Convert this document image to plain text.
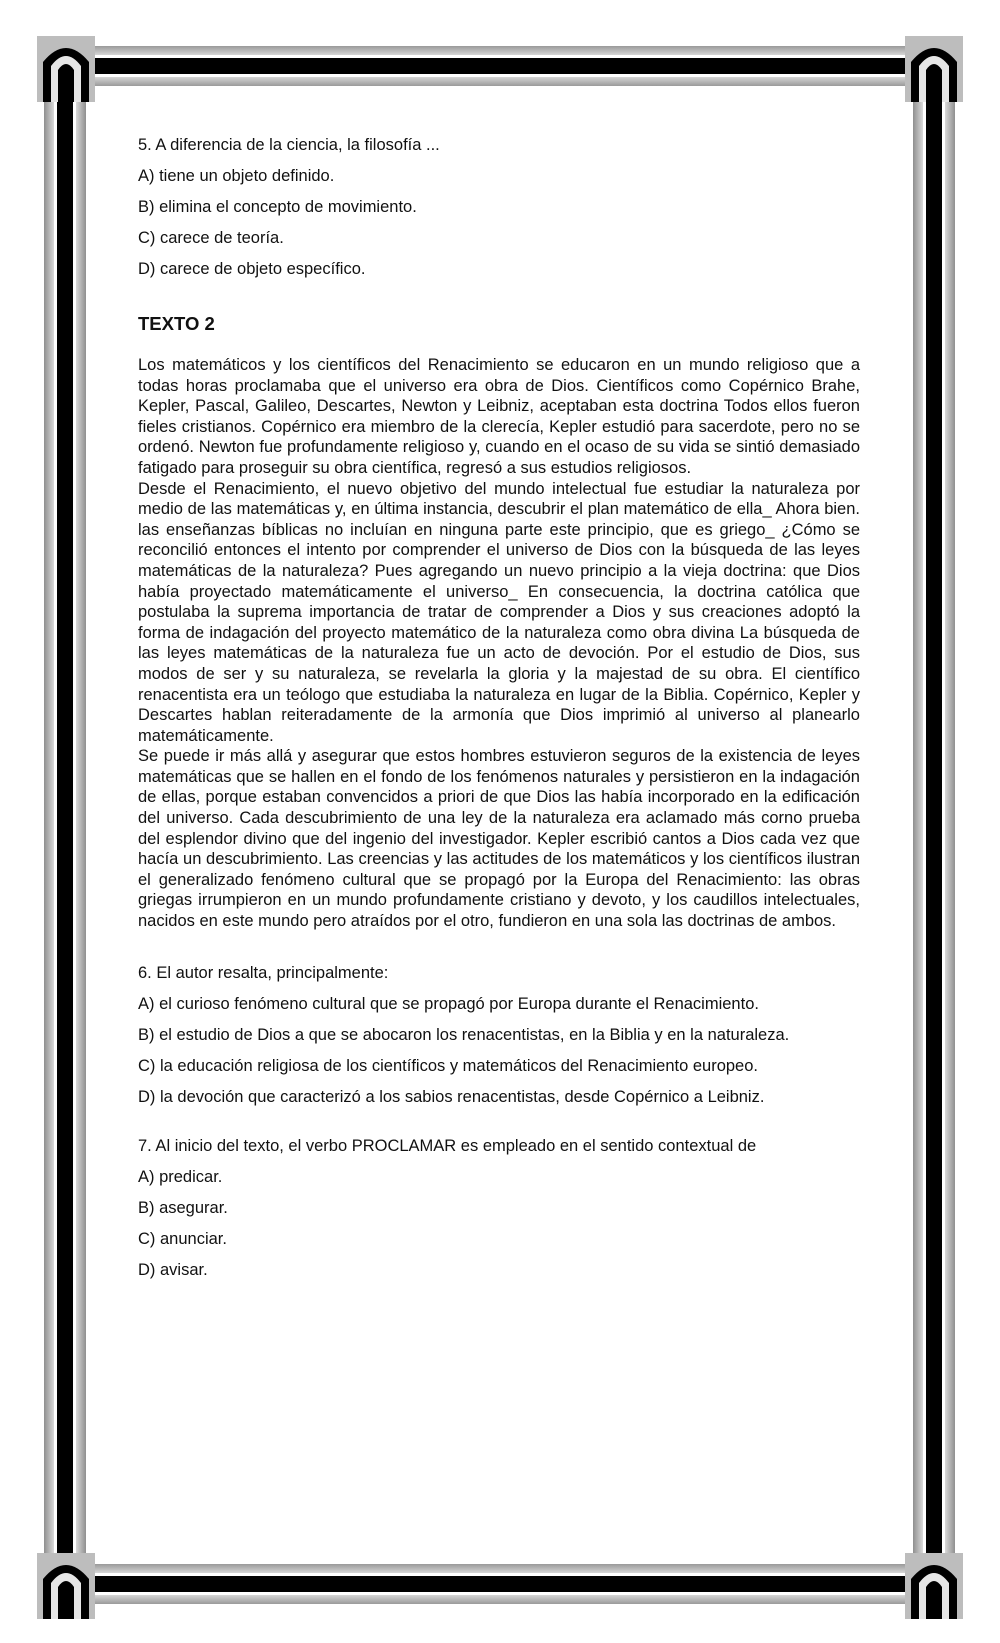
5. A diferencia de la ciencia, la filosofía ...
A) tiene un objeto definido.
B) elimina el concepto de movimiento.
C) carece de teoría.
D) carece de objeto específico.
TEXTO 2

Los matemáticos y los científicos del Renacimiento se educaron en un mundo religioso que a todas horas proclamaba que el universo era obra de Dios. Científicos como Copérnico Brahe, Kepler, Pascal, Galileo, Descartes, Newton y Leibniz, aceptaban esta doctrina Todos ellos fueron fieles cristianos. Copérnico era miembro de la clerecía, Kepler estudió para sacerdote, pero no se ordenó. Newton fue profundamente religioso y, cuando en el ocaso de su vida se sintió demasiado fatigado para proseguir su obra científica, regresó a sus estudios religiosos.

Desde el Renacimiento, el nuevo objetivo del mundo intelectual fue estudiar la naturaleza por medio de las matemáticas y, en última instancia, descubrir el plan matemático de ella_ Ahora bien. las enseñanzas bíblicas no incluían en ninguna parte este principio, que es griego_ ¿Cómo se reconcilió entonces el intento por comprender el universo de Dios con la búsqueda de las leyes matemáticas de la naturaleza? Pues agregando un nuevo principio a la vieja doctrina: que Dios había proyectado matemáticamente el universo_ En consecuencia, la doctrina católica que postulaba la suprema importancia de tratar de comprender a Dios y sus creaciones adoptó la forma de indagación del proyecto matemático de la naturaleza como obra divina La búsqueda de las leyes matemáticas de la naturaleza fue un acto de devoción. Por el estudio de Dios, sus modos de ser y su naturaleza, se revelarla la gloria y la majestad de su obra. El científico renacentista era un teólogo que estudiaba la naturaleza en lugar de la Biblia. Copérnico, Kepler y Descartes hablan reiteradamente de la armonía que Dios imprimió al universo al planearlo matemáticamente.

Se puede ir más allá y asegurar que estos hombres estuvieron seguros de la existencia de leyes matemáticas que se hallen en el fondo de los fenómenos naturales y persistieron en la indagación de ellas, porque estaban convencidos a priori de que Dios las había incorporado en la edificación del universo. Cada descubrimiento de una ley de la naturaleza era aclamado más corno prueba del esplendor divino que del ingenio del investigador. Kepler escribió cantos a Dios cada vez que hacía un descubrimiento. Las creencias y las actitudes de los matemáticos y los científicos ilustran el generalizado fenómeno cultural que se propagó por la Europa del Renacimiento: las obras griegas irrumpieron en un mundo profundamente cristiano y devoto, y los caudillos intelectuales, nacidos en este mundo pero atraídos por el otro, fundieron en una sola las doctrinas de ambos.

6. El autor resalta, principalmente:
A) el curioso fenómeno cultural que se propagó por Europa durante el Renacimiento.
B) el estudio de Dios a que se abocaron los renacentistas, en la Biblia y en la naturaleza.
C) la educación religiosa de los científicos y matemáticos del Renacimiento europeo.
D) la devoción que caracterizó a los sabios renacentistas, desde Copérnico a Leibniz.
7. Al inicio del texto, el verbo PROCLAMAR es empleado en el sentido contextual de
A) predicar.
B) asegurar.
C) anunciar.
D) avisar.
